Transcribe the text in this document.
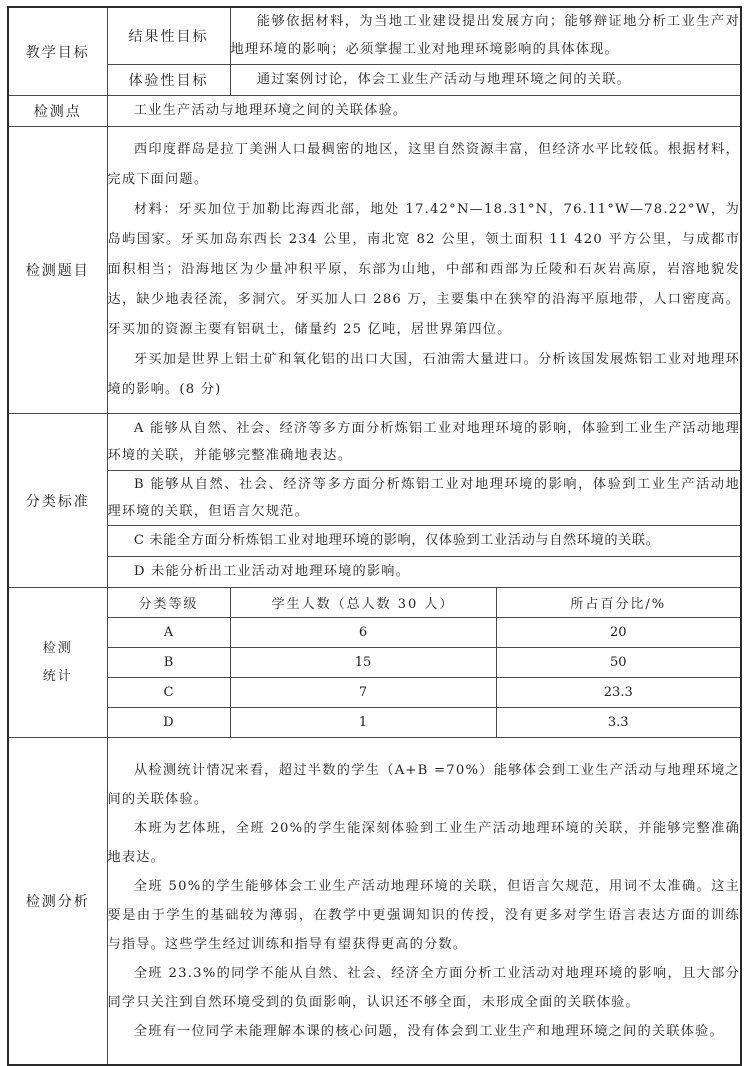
教学目标	结果性目标	能够依据材料，为当地工业建设提出发展方向；能够辩证地分析工业生产对地理环境的影响；必须掌握工业对地理环境影响的具体体现。	
	体验性目标	通过案例讨论，体会工业生产活动与地理环境之间的关联。	
检测点	工业生产活动与地理环境之间的关联体验。		
检测题目	西印度群岛是拉丁美洲人口最稠密的地区，这里自然资源丰富，但经济水平比较低。根据材料，完成下面问题。

材料：牙买加位于加勒比海西北部，地处 17.42°N—18.31°N，76.11°W—78.22°W，为岛屿国家。牙买加岛东西长 234 公里，南北宽 82 公里，领土面积 11 420 平方公里，与成都市面积相当；沿海地区为少量冲积平原，东部为山地，中部和西部为丘陵和石灰岩高原，岩溶地貌发达，缺少地表径流，多洞穴。牙买加人口 286 万，主要集中在狭窄的沿海平原地带，人口密度高。牙买加的资源主要有铝矾土，储量约 25 亿吨，居世界第四位。

牙买加是世界上铝土矿和氧化铝的出口大国，石油需大量进口。分析该国发展炼铝工业对地理环境的影响。(8 分)		

分类标准	A 能够从自然、社会、经济等多方面分析炼铝工业对地理环境的影响，体验到工业生产活动地理环境的关联，并能够完整准确地表达。		
	B 能够从自然、社会、经济等多方面分析炼铝工业对地理环境的影响，体验到工业生产活动地理环境的关联，但语言欠规范。		
	C 未能全方面分析炼铝工业对地理环境的影响，仅体验到工业活动与自然环境的关联。		
	D 未能分析出工业活动对地理环境的影响。		
检测
统计	分类等级	学生人数（总人数 30 人）	所占百分比/%
	A	6	20
	B	15	50
	C	7	23.3
	D	1	3.3
检测分析	从检测统计情况来看，超过半数的学生（A+B =70%）能够体会到工业生产活动与地理环境之间的关联体验。

本班为艺体班，全班 20%的学生能深刻体验到工业生产活动地理环境的关联，并能够完整准确地表达。

全班 50%的学生能够体会工业生产活动地理环境的关联，但语言欠规范，用词不太准确。这主要是由于学生的基础较为薄弱，在教学中更强调知识的传授，没有更多对学生语言表达方面的训练与指导。这些学生经过训练和指导有望获得更高的分数。

全班 23.3%的同学不能从自然、社会、经济全方面分析工业活动对地理环境的影响，且大部分同学只关注到自然环境受到的负面影响，认识还不够全面，未形成全面的关联体验。

全班有一位同学未能理解本课的核心问题，没有体会到工业生产和地理环境之间的关联体验。		
